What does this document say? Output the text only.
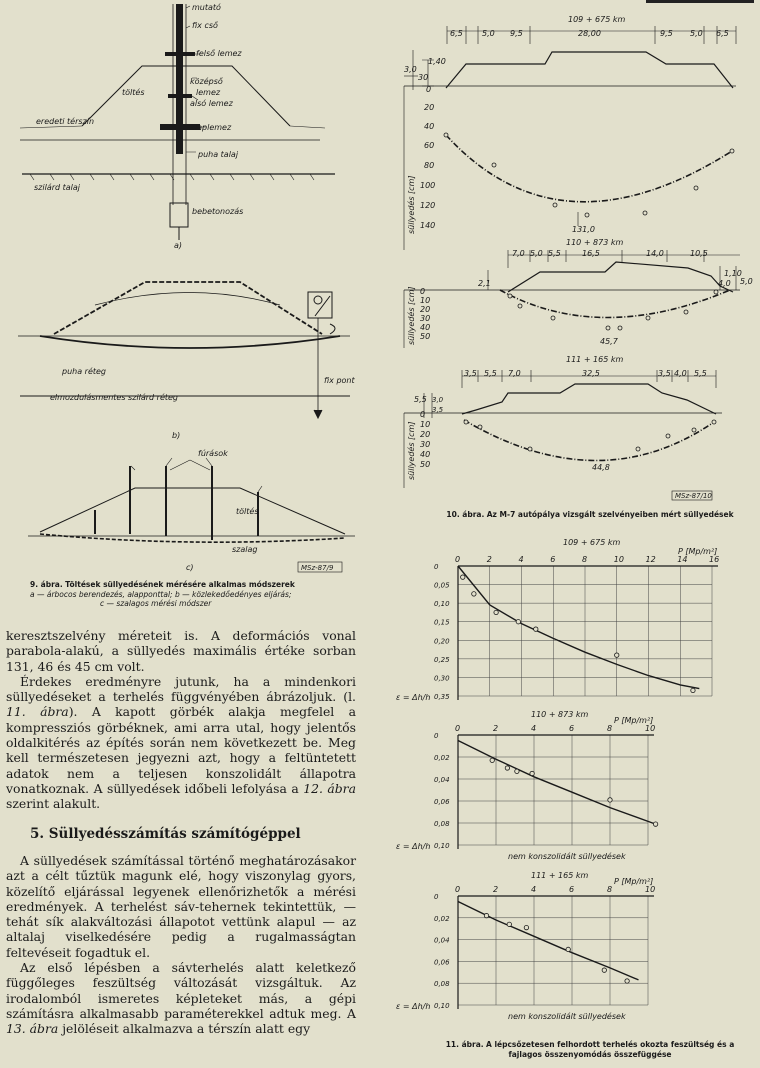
mutató
fix cső
felső lemez
középső
lemez
alsó lemez
töltés
eredeti térszín
alaplemez
puha talaj
szilárd talaj
bebetonozás
a)
puha réteg
elmozdulásmentes szilárd réteg
fix pont
b)
fúrások
töltés
szalag
c)	MSz-87/9
109 + 675 km
6,5 5,0 9,5	28,00	9,5 5,0 6,5
3,0
30
1,40
0
20
40
60
80
100
120
140
süllyedés [cm]	131,0
110 + 873 km
7,0 5,0 5,5	16,5	14,0	10,5
2,1	4,0
1,10
5,0
0
10
20
30
40
50
süllyedés [cm]	45,7
111 + 165 km
3,5 5,5 7,0	32,5	3,5 4,0 5,5
5,5 3,0
3,5
0
10
20
30
40
50
süllyedés [cm]	44,8
MSz-87/10
0	2	4	6	8	10	12	14	16
0
0,05
0,10
0,15
0,20
0,25
0,30
0,35
109 + 675 km
P [Mp/m²]
ε = Δh/h
0	2	4	6	8	10
0
0,02
0,04
0,06
0,08
0,10
110 + 873 km
P [Mp/m²]
ε = Δh/h
nem konszolidált süllyedések
0	2	4	6	8	10
0
0,02
0,04
0,06
0,08
0,10
111 + 165 km
P [Mp/m²]
ε = Δh/h
nem konszolidált süllyedések
9. ábra. Töltések süllyedésének mérésére alkalmas módszerek
a — árbocos berendezés, alapponttal; b — közlekedőedényes eljárás;
c — szalagos mérési módszer
10. ábra. Az M-7 autópálya vizsgált szelvényeiben mért süllyedések
11. ábra. A lépcsőzetesen felhordott terhelés okozta feszültség és a fajlagos összenyomódás összefüggése

keresztszelvény méreteit is. A deformációs vonal parabola-alakú, a süllyedés maximális értéke sorban 131, 46 és 45 cm volt.

Érdekes eredményre jutunk, ha a mindenkori süllyedéseket a terhelés függvényében ábrázoljuk. (l. 11. ábra). A kapott görbék alakja megfelel a kompressziós görbéknek, ami arra utal, hogy jelentős oldalkitérés az építés során nem következett be. Meg kell természetesen jegyezni azt, hogy a feltüntetett adatok nem a teljesen konszolidált állapotra vonatkoznak. A süllyedések időbeli lefolyása a 12. ábra szerint alakult.

5. Süllyedésszámítás számítógéppel

A süllyedések számítással történő meghatározásakor azt a célt tűztük magunk elé, hogy viszonylag gyors, közelítő eljárással legyenek ellenőrizhetők a mérési eredmények. A terhelést sáv-tehernek tekintettük, — tehát sík alakváltozási állapotot vettünk alapul — az altalaj viselkedésére pedig a rugalmasságtan feltevéseit fogadtuk el.

Az első lépésben a sávterhelés alatt keletkező függőleges feszültség változását vizsgáltuk. Az irodalomból ismeretes képleteket más, a gépi számításra alkalmasabb paraméterekkel adtuk meg. A 13. ábra jelöléseit alkalmazva a térszín alatt egy
